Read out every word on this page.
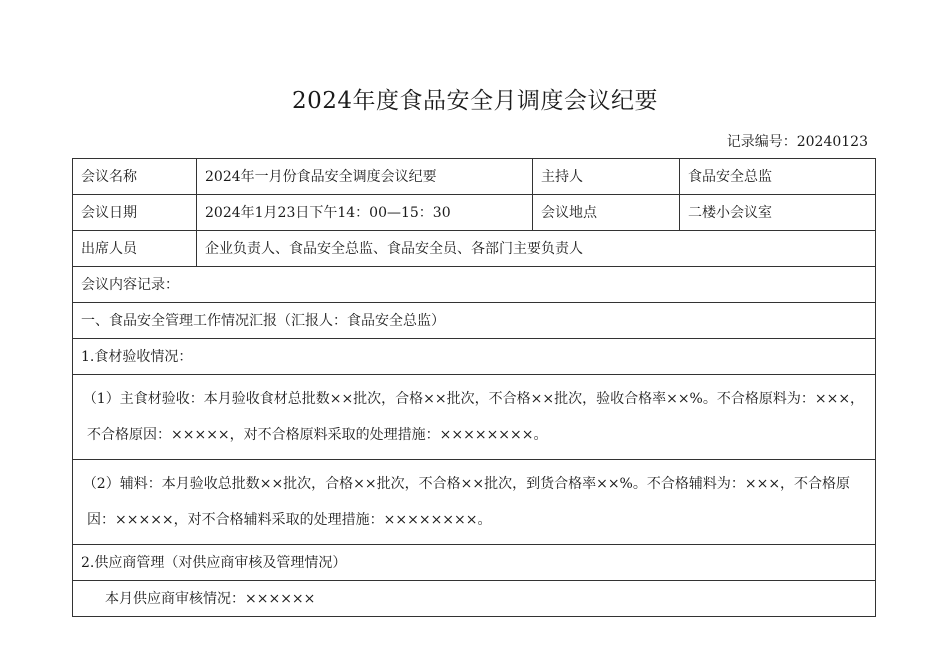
2024年度食品安全月调度会议纪要
记录编号：20240123
会议名称	2024年一月份食品安全调度会议纪要	主持人	食品安全总监
会议日期	2024年1月23日下午14：00—15：30	会议地点	二楼小会议室
出席人员	企业负责人、食品安全总监、食品安全员、各部门主要负责人		
会议内容记录：			
一、食品安全管理工作情况汇报（汇报人：食品安全总监）			
1.食材验收情况：			
（1）主食材验收：本月验收食材总批数××批次，合格××批次，不合格××批次，验收合格率××%。不合格原料为：×××，不合格原因：×××××，对不合格原料采取的处理措施：××××××××。			
（2）辅料：本月验收总批数××批次，合格××批次，不合格××批次，到货合格率××%。不合格辅料为：×××，不合格原因：×××××，对不合格辅料采取的处理措施：××××××××。			
2.供应商管理（对供应商审核及管理情况）			
本月供应商审核情况：××××××			
